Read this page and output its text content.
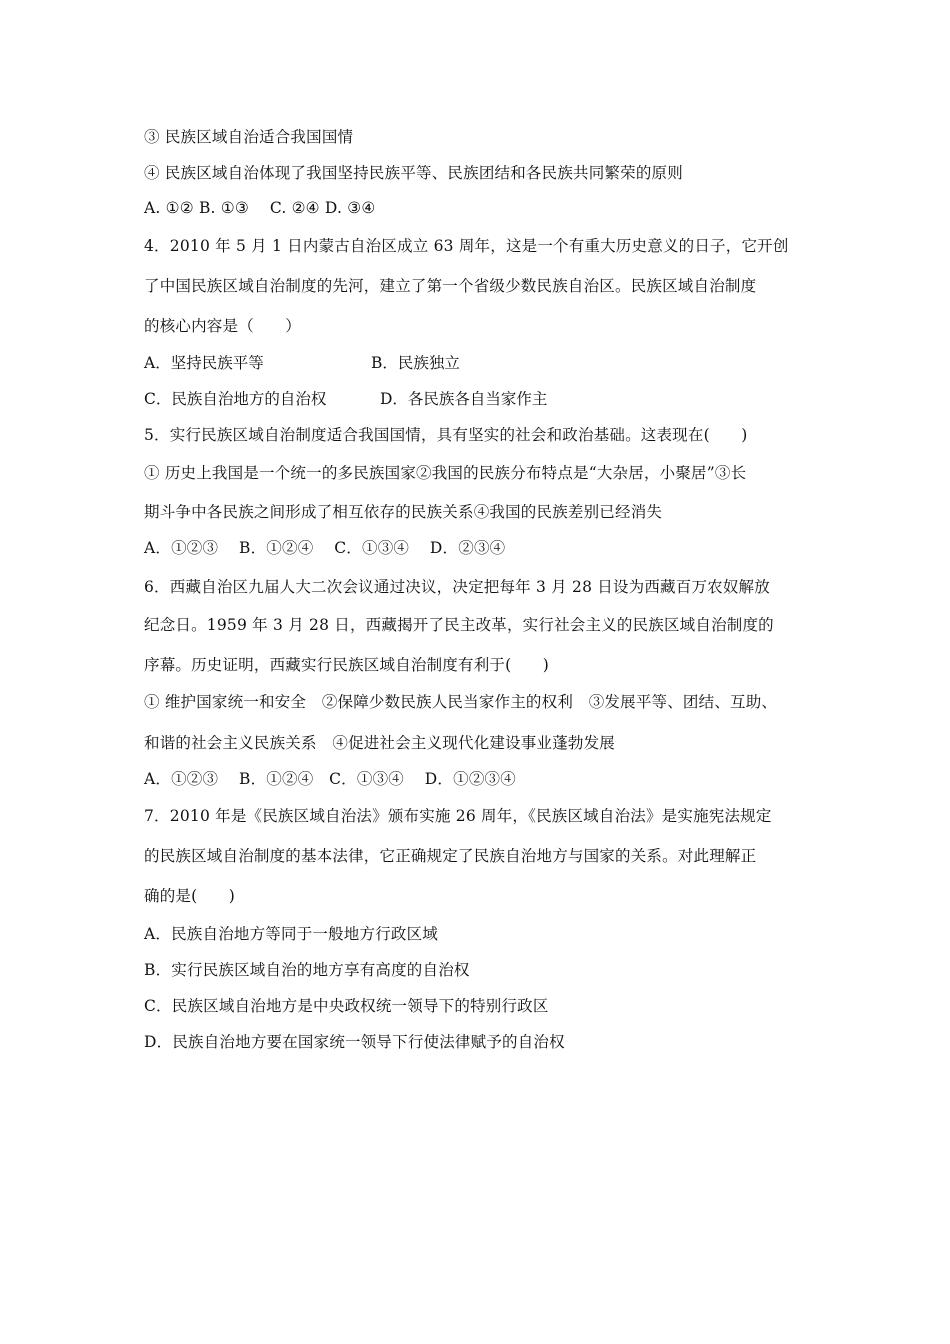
③ 民族区域自治适合我国国情
④ 民族区域自治体现了我国坚持民族平等、民族团结和各民族共同繁荣的原则
A. ①② B. ①③　 C. ②④ D. ③④
4．2010 年 5 月 1 日内蒙古自治区成立 63 周年，这是一个有重大历史意义的日子，它开创
了中国民族区域自治制度的先河，建立了第一个省级少数民族自治区。民族区域自治制度
的核心内容是（　　）
A．坚持民族平等	B．民族独立
C．民族自治地方的自治权	D．各民族各自当家作主
5．实行民族区域自治制度适合我国国情，具有坚实的社会和政治基础。这表现在(　　)
① 历史上我国是一个统一的多民族国家②我国的民族分布特点是“大杂居，小聚居”③长
期斗争中各民族之间形成了相互依存的民族关系④我国的民族差别已经消失
A．①②③　 B．①②④　 C．①③④　 D．②③④
6．西藏自治区九届人大二次会议通过决议，决定把每年 3 月 28 日设为西藏百万农奴解放
纪念日。1959 年 3 月 28 日，西藏揭开了民主改革，实行社会主义的民族区域自治制度的
序幕。历史证明，西藏实行民族区域自治制度有利于(　　)
① 维护国家统一和安全　②保障少数民族人民当家作主的权利　③发展平等、团结、互助、
和谐的社会主义民族关系　④促进社会主义现代化建设事业蓬勃发展
A．①②③　 B．①②④　C．①③④　 D．①②③④
7．2010 年是《民族区域自治法》颁布实施 26 周年，《民族区域自治法》是实施宪法规定
的民族区域自治制度的基本法律，它正确规定了民族自治地方与国家的关系。对此理解正
确的是(　　)
A．民族自治地方等同于一般地方行政区域
B．实行民族区域自治的地方享有高度的自治权
C．民族区域自治地方是中央政权统一领导下的特别行政区
D．民族自治地方要在国家统一领导下行使法律赋予的自治权
